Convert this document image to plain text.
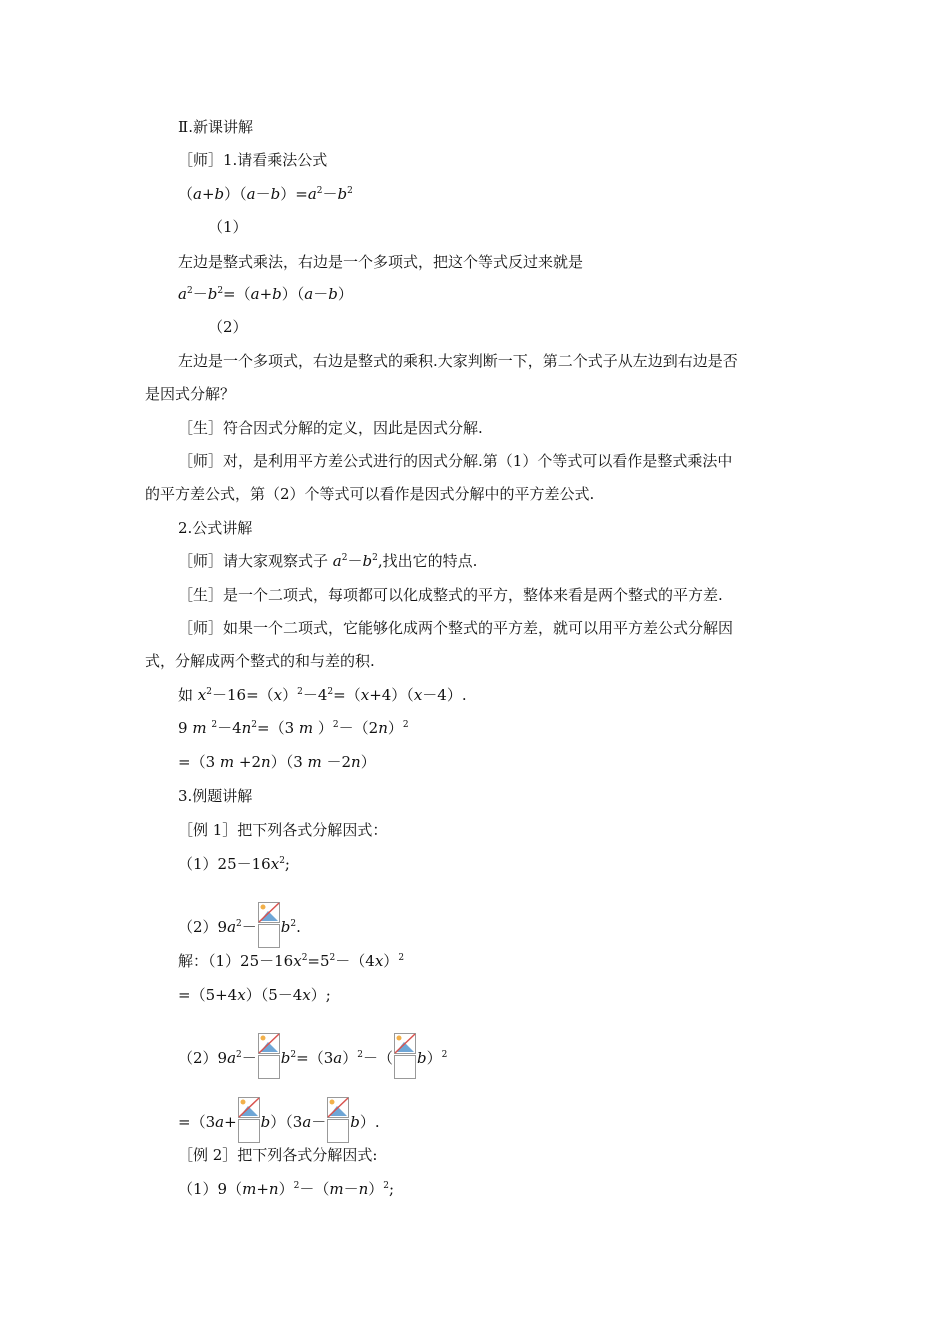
Ⅱ.新课讲解
［师］1.请看乘法公式
$(a+b)(a-b)=a^2-b^2$
（1）
左边是整式乘法，右边是一个多项式，把这个等式反过来就是
$a^2-b^2=(a+b)(a-b)$
（2）
左边是一个多项式，右边是整式的乘积.大家判断一下，第二个式子从左边到右边是否
是因式分解？
［生］符合因式分解的定义，因此是因式分解.
［师］对，是利用平方差公式进行的因式分解.第（1）个等式可以看作是整式乘法中
的平方差公式，第（2）个等式可以看作是因式分解中的平方差公式.
2.公式讲解
［师］请大家观察式子 $a^2-b^2$,找出它的特点.
［生］是一个二项式，每项都可以化成整式的平方，整体来看是两个整式的平方差.
［师］如果一个二项式，它能够化成两个整式的平方差，就可以用平方差公式分解因
式，分解成两个整式的和与差的积.
如 $x^2-16=(x)^2-4^2=(x+4)(x-4)$.
9 m $^2-4n^2=(3$ m ）$^2-(2n)^2$
=（3 m +2n）（3 m －2n）
3.例题讲解
［例 1］把下列各式分解因式：
$(1)25-16x^2$;
$(2)9a^2- b^2$.
解：$(1)25-16x^2=5^2-(4x)^2$
=（5+4x）（5－4x）;
$(2)9a^2- b^2=(3a)^2-$（ b）$^2$
=（3a+ b）（3a－ b）.
［例 2］把下列各式分解因式:
$(1)9(m+n)^2-(m-n)^2$;
